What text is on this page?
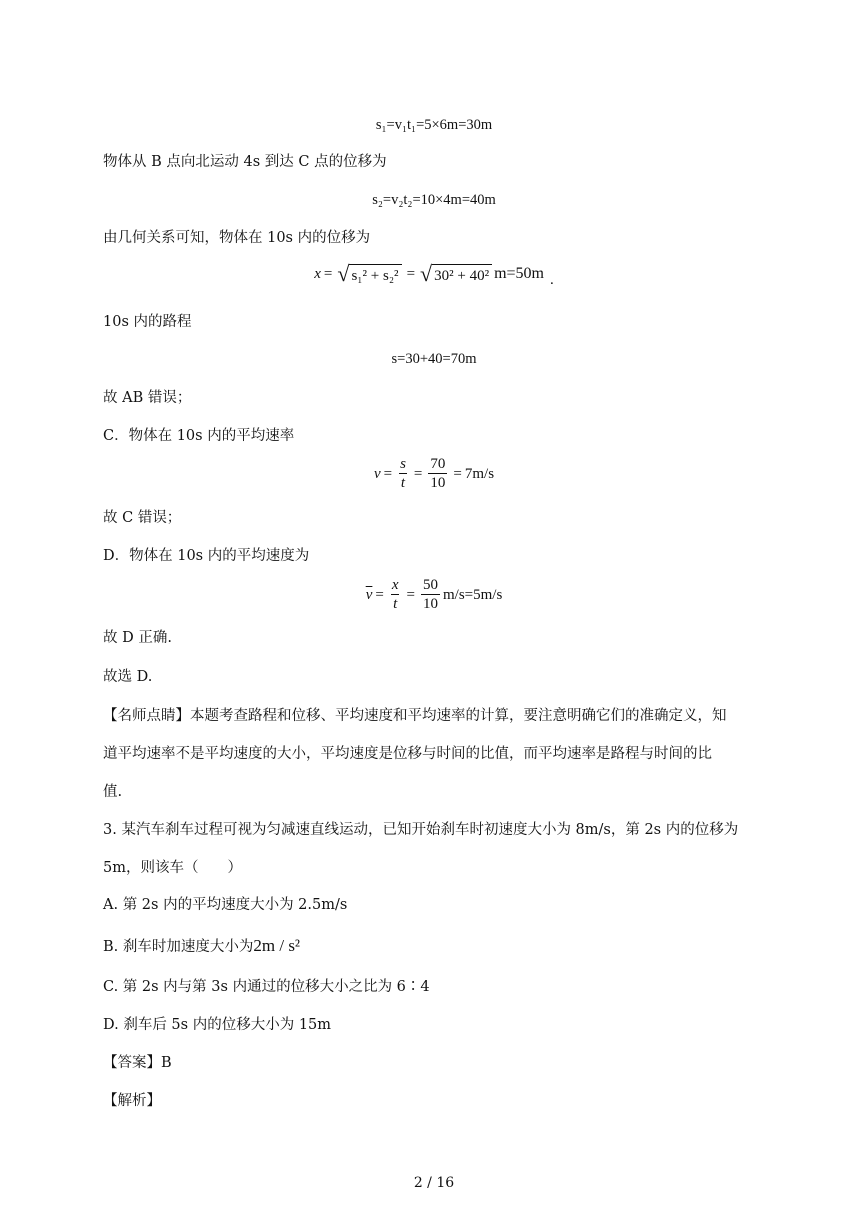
s₁=v₁t₁=5×6m=30m
物体从 B 点向北运动 4s 到达 C 点的位移为
s₂=v₂t₂=10×4m=40m
由几何关系可知，物体在 10s 内的位移为
x = √ s₁² + s₂² = √ 30² + 40² m=50m .
10s 内的路程
s=30+40=70m
故 AB 错误；
C．物体在 10s 内的平均速率
$v = \frac{s}{t} = \frac{70}{10} = 7m/s$
故 C 错误；
D．物体在 10s 内的平均速度为
$\overline{v} = \frac{x}{t} = \frac{50}{10} m/s=5m/s$
故 D 正确.
故选 D.
【名师点睛】本题考查路程和位移、平均速度和平均速率的计算，要注意明确它们的准确定义，知
道平均速率不是平均速度的大小，平均速度是位移与时间的比值，而平均速率是路程与时间的比
值.
3. 某汽车刹车过程可视为匀减速直线运动，已知开始刹车时初速度大小为 8m/s，第 2s 内的位移为
5m，则该车（　　）
A. 第 2s 内的平均速度大小为 2.5m/s
B. 刹车时加速度大小为2m / s²
C. 第 2s 内与第 3s 内通过的位移大小之比为 6∶4
D. 刹车后 5s 内的位移大小为 15m
【答案】B
【解析】
2 / 16
